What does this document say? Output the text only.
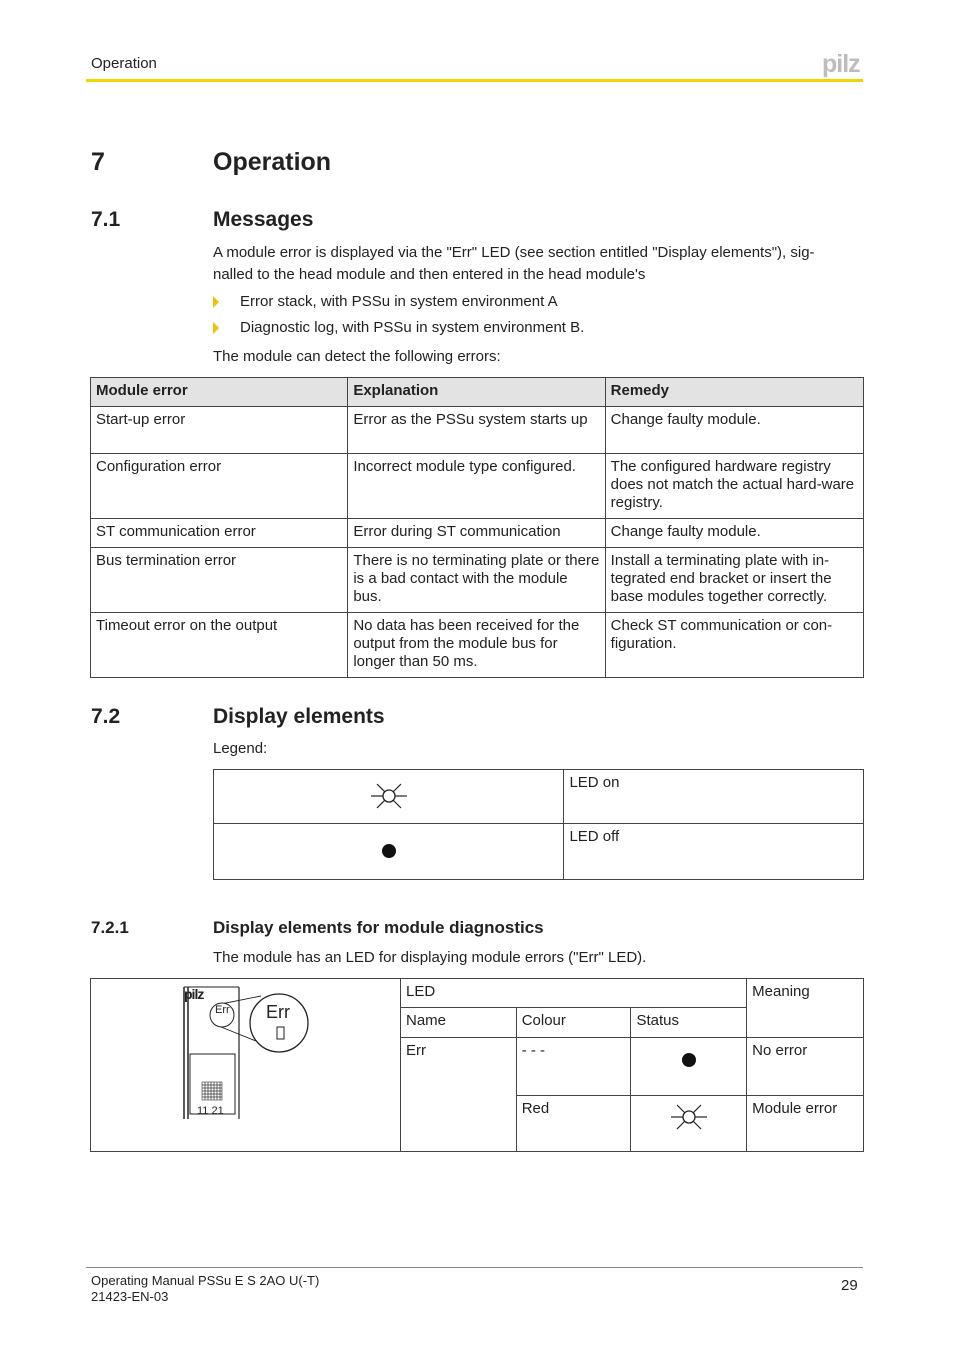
Operation	pilz
7	Operation
7.1	Messages
A module error is displayed via the "Err" LED (see section entitled "Display elements"), sig-
nalled to the head module and then entered in the head module's
Error stack, with PSSu in system environment A
Diagnostic log, with PSSu in system environment B.
The module can detect the following errors:
Module error	Explanation	Remedy
Start-up error	Error as the PSSu system starts up	Change faulty module.
Configuration error	Incorrect module type configured.	The configured hardware registry does not match the actual hard-ware registry.
ST communication error	Error during ST communication	Change faulty module.
Bus termination error	There is no terminating plate or there is a bad contact with the module bus.	Install a terminating plate with in-tegrated end bracket or insert the base modules together correctly.
Timeout error on the output	No data has been received for the output from the module bus for longer than 50 ms.	Check ST communication or con-figuration.
7.2	Display elements
Legend:
	LED on

	LED off
7.2.1	Display elements for module diagnostics
The module has an LED for displaying module errors ("Err" LED).
pilz
Err Err
11 21	LED			Meaning
	Name	Colour	Status	
	Err	- - -		No error
		Red		Module error
Operating Manual PSSu E S 2AO U(-T)
21423-EN-03
29
